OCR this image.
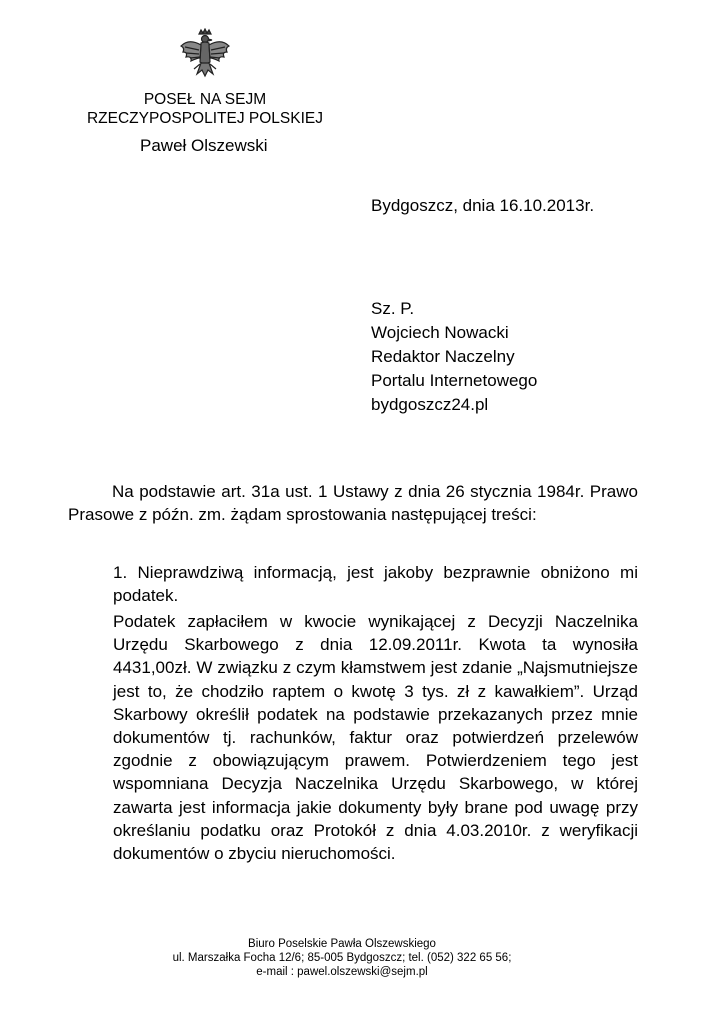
POSEŁ NA SEJM
RZECZYPOSPOLITEJ POLSKIEJ
Paweł Olszewski
Bydgoszcz, dnia 16.10.2013r.
Sz. P.
Wojciech Nowacki
Redaktor Naczelny
Portalu Internetowego
bydgoszcz24.pl
Na podstawie art. 31a ust. 1 Ustawy z dnia 26 stycznia 1984r. Prawo Prasowe z późn. zm. żądam sprostowania następującej treści:
1. Nieprawdziwą informacją, jest jakoby bezprawnie obniżono mi podatek.
Podatek zapłaciłem w kwocie wynikającej z Decyzji Naczelnika Urzędu Skarbowego z dnia 12.09.2011r. Kwota ta wynosiła 4431,00zł. W związku z czym kłamstwem jest zdanie „Najsmutniejsze jest to, że chodziło raptem o kwotę 3 tys. zł z kawałkiem”. Urząd Skarbowy określił podatek na podstawie przekazanych przez mnie dokumentów tj. rachunków, faktur oraz potwierdzeń przelewów zgodnie z obowiązującym prawem. Potwierdzeniem tego jest wspomniana Decyzja Naczelnika Urzędu Skarbowego, w której zawarta jest informacja jakie dokumenty były brane pod uwagę przy określaniu podatku oraz Protokół z dnia 4.03.2010r. z weryfikacji dokumentów o zbyciu nieruchomości.
Biuro Poselskie Pawła Olszewskiego
ul. Marszałka Focha 12/6; 85-005 Bydgoszcz; tel. (052) 322 65 56;
e-mail : pawel.olszewski@sejm.pl
